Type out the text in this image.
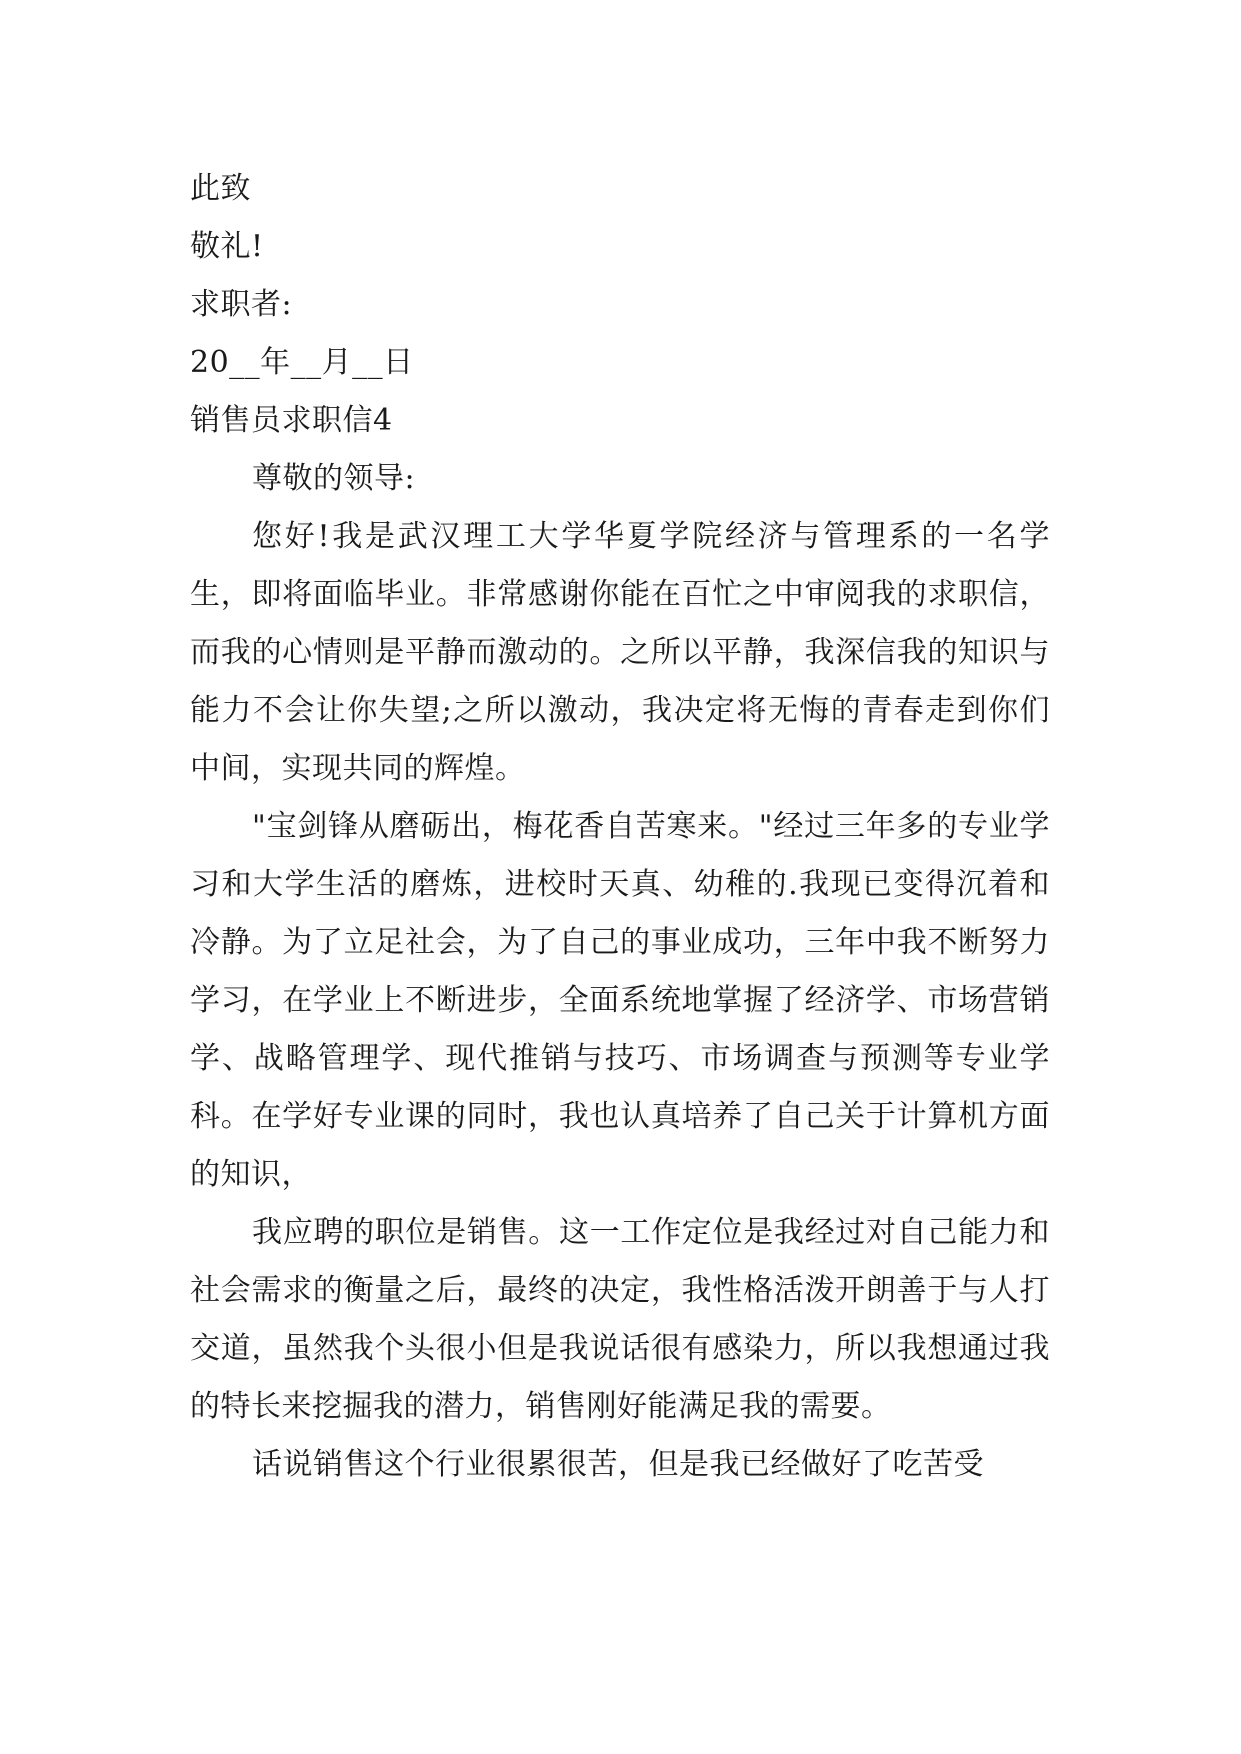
此致
敬礼!
求职者:
20__年__月__日
销售员求职信4

尊敬的领导:

您好!我是武汉理工大学华夏学院经济与管理系的一名学生，即将面临毕业。非常感谢你能在百忙之中审阅我的求职信，而我的心情则是平静而激动的。之所以平静，我深信我的知识与能力不会让你失望;之所以激动，我决定将无悔的青春走到你们中间，实现共同的辉煌。

"宝剑锋从磨砺出，梅花香自苦寒来。"经过三年多的专业学习和大学生活的磨炼，进校时天真、幼稚的.我现已变得沉着和冷静。为了立足社会，为了自己的事业成功，三年中我不断努力学习，在学业上不断进步，全面系统地掌握了经济学、市场营销学、战略管理学、现代推销与技巧、市场调查与预测等专业学科。在学好专业课的同时，我也认真培养了自己关于计算机方面的知识，

我应聘的职位是销售。这一工作定位是我经过对自己能力和社会需求的衡量之后，最终的决定，我性格活泼开朗善于与人打交道，虽然我个头很小但是我说话很有感染力，所以我想通过我的特长来挖掘我的潜力，销售刚好能满足我的需要。

话说销售这个行业很累很苦，但是我已经做好了吃苦受
